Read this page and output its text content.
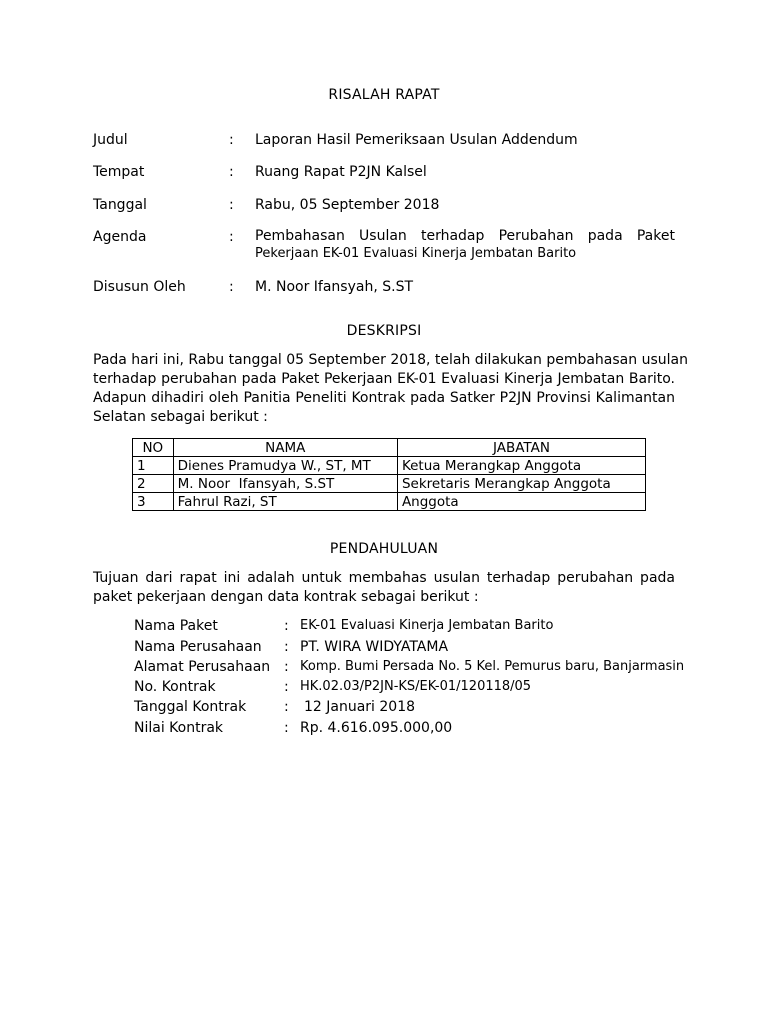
RISALAH RAPAT
Judul	: Laporan Hasil Pemeriksaan Usulan Addendum
Tempat	: Ruang Rapat P2JN Kalsel
Tanggal	: Rabu, 05 September 2018
Agenda	: Pembahasan Usulan terhadap Perubahan pada Paket
Pekerjaan EK-01 Evaluasi Kinerja Jembatan Barito
Disusun Oleh	: M. Noor Ifansyah, S.ST
DESKRIPSI
Pada hari ini, Rabu tanggal 05 September 2018, telah dilakukan pembahasan usulan
terhadap perubahan pada Paket Pekerjaan EK-01 Evaluasi Kinerja Jembatan Barito.
Adapun dihadiri oleh Panitia Peneliti Kontrak pada Satker P2JN Provinsi Kalimantan
Selatan sebagai berikut :
NO	NAMA	JABATAN
1	Dienes Pramudya W., ST, MT	Ketua Merangkap Anggota
2	M. Noor  Ifansyah, S.ST	Sekretaris Merangkap Anggota
3	Fahrul Razi, ST	Anggota
PENDAHULUAN
Tujuan dari rapat ini adalah untuk membahas usulan terhadap perubahan pada
paket pekerjaan dengan data kontrak sebagai berikut :
Nama Paket	: EK-01 Evaluasi Kinerja Jembatan Barito
Nama Perusahaan : PT. WIRA WIDYATAMA
Alamat Perusahaan : Komp. Bumi Persada No. 5 Kel. Pemurus baru, Banjarmasin
No. Kontrak	: HK.02.03/P2JN-KS/EK-01/120118/05
Tanggal Kontrak	: 12 Januari 2018
Nilai Kontrak	: Rp. 4.616.095.000,00
